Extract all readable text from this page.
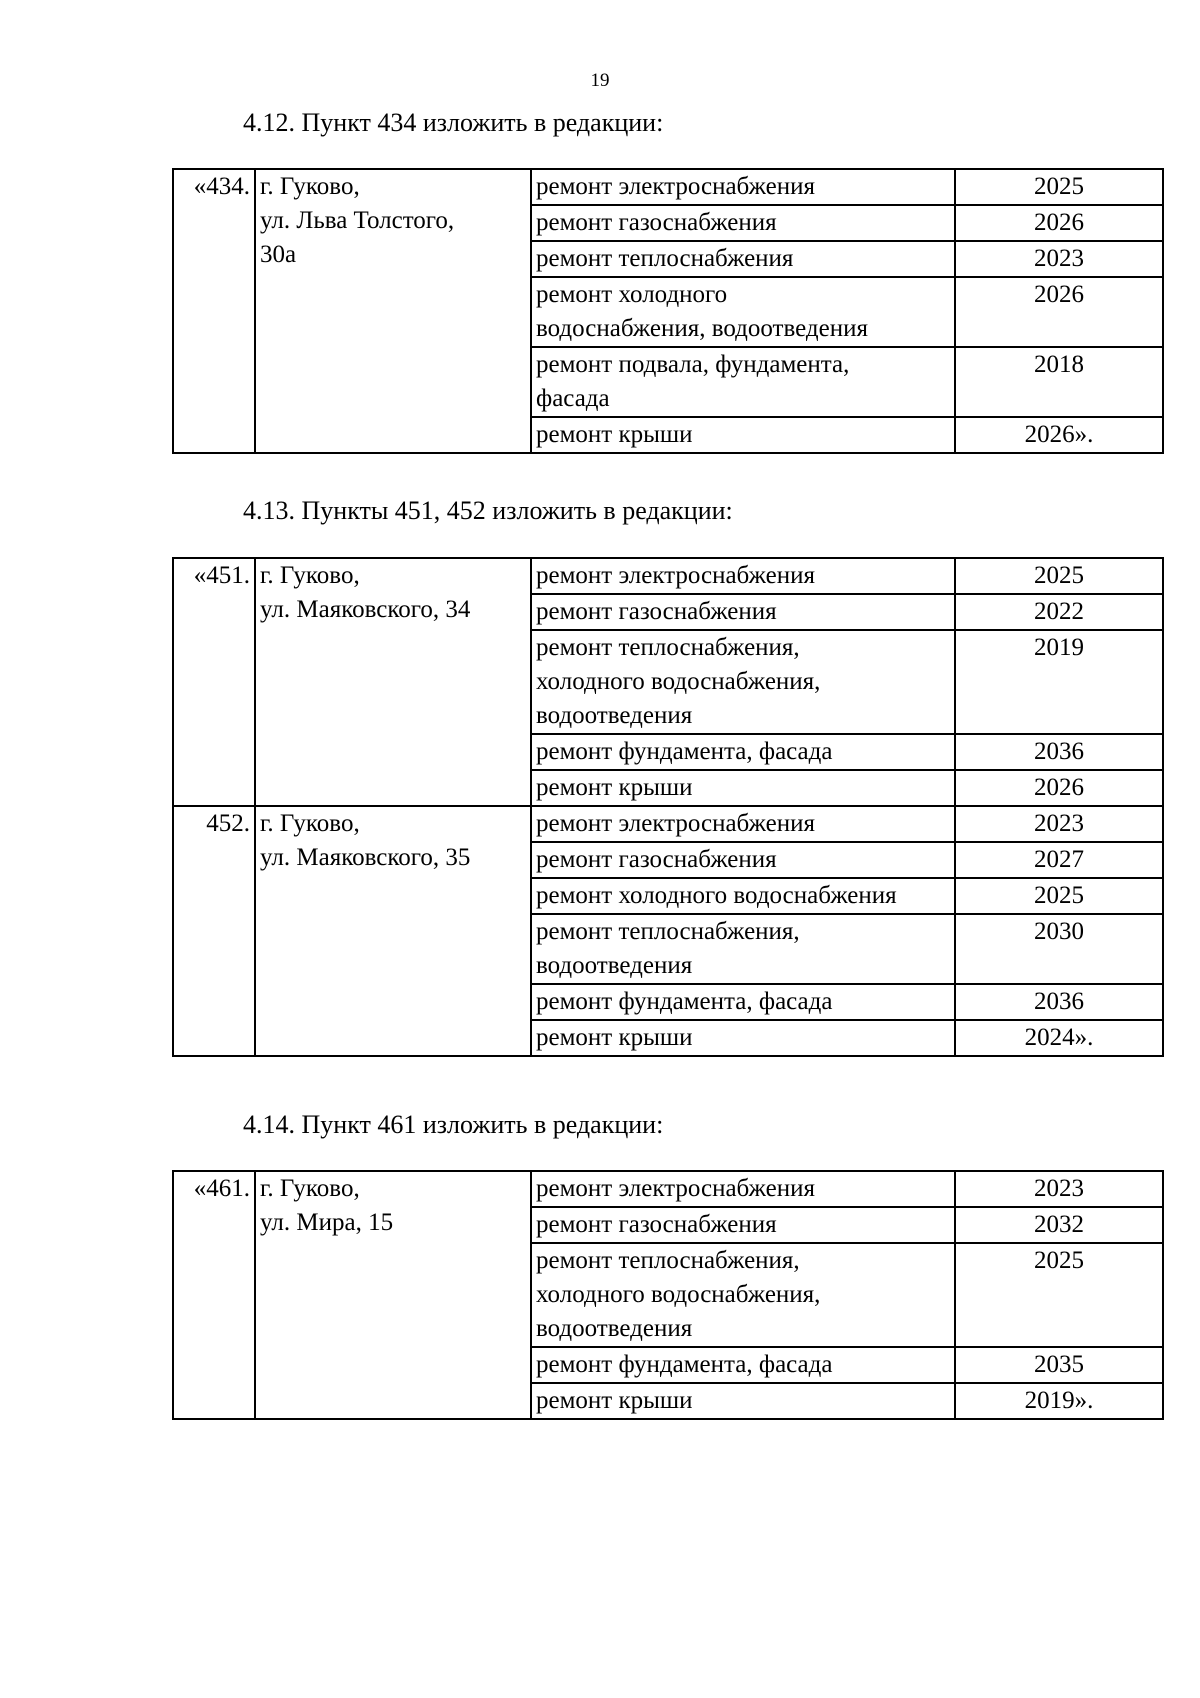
19
4.12. Пункт 434 изложить в редакции:
«434.	г. Гуково,
ул. Льва Толстого,
30а	ремонт электроснабжения	2025

		ремонт газоснабжения	2026

		ремонт теплоснабжения	2023

		ремонт холодного
водоснабжения, водоотведения	2026

		ремонт подвала, фундамента,
фасада	2018

		ремонт крыши	2026».
4.13. Пункты 451, 452 изложить в редакции:
«451.	г. Гуково,
ул. Маяковского, 34	ремонт электроснабжения	2025

		ремонт газоснабжения	2022

		ремонт теплоснабжения,
холодного водоснабжения,
водоотведения	2019

		ремонт фундамента, фасада	2036

		ремонт крыши	2026
452.	г. Гуково,
ул. Маяковского, 35	ремонт электроснабжения	2023

		ремонт газоснабжения	2027

		ремонт холодного водоснабжения	2025

		ремонт теплоснабжения,
водоотведения	2030

		ремонт фундамента, фасада	2036

		ремонт крыши	2024».
4.14. Пункт 461 изложить в редакции:
«461.	г. Гуково,
ул. Мира, 15	ремонт электроснабжения	2023

		ремонт газоснабжения	2032

		ремонт теплоснабжения,
холодного водоснабжения,
водоотведения	2025

		ремонт фундамента, фасада	2035

		ремонт крыши	2019».
